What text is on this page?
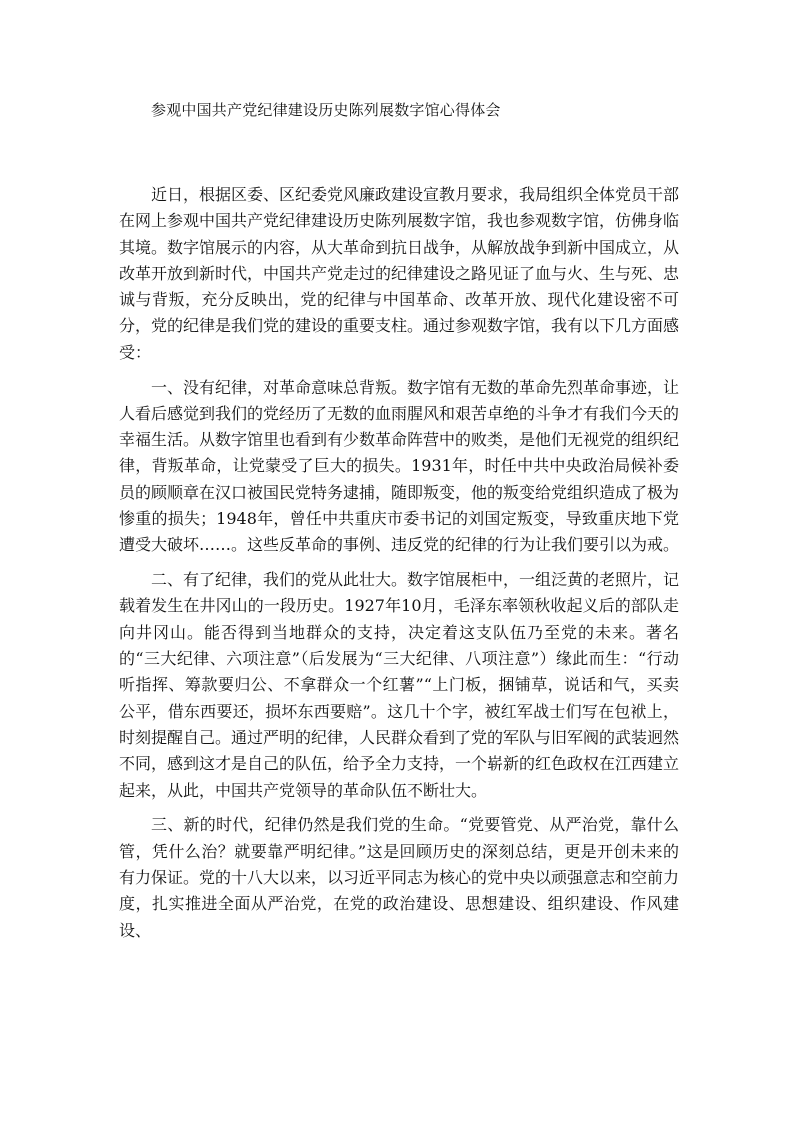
参观中国共产党纪律建设历史陈列展数字馆心得体会

近日，根据区委、区纪委党风廉政建设宣教月要求，我局组织全体党员干部在网上参观中国共产党纪律建设历史陈列展数字馆，我也参观数字馆，仿佛身临其境。数字馆展示的内容，从大革命到抗日战争，从解放战争到新中国成立，从改革开放到新时代，中国共产党走过的纪律建设之路见证了血与火、生与死、忠诚与背叛，充分反映出，党的纪律与中国革命、改革开放、现代化建设密不可分，党的纪律是我们党的建设的重要支柱。通过参观数字馆，我有以下几方面感受：

一、没有纪律，对革命意味总背叛。数字馆有无数的革命先烈革命事迹，让人看后感觉到我们的党经历了无数的血雨腥风和艰苦卓绝的斗争才有我们今天的幸福生活。从数字馆里也看到有少数革命阵营中的败类，是他们无视党的组织纪律，背叛革命，让党蒙受了巨大的损失。1931年，时任中共中央政治局候补委员的顾顺章在汉口被国民党特务逮捕，随即叛变，他的叛变给党组织造成了极为惨重的损失；1948年，曾任中共重庆市委书记的刘国定叛变，导致重庆地下党遭受大破坏……。这些反革命的事例、违反党的纪律的行为让我们要引以为戒。

二、有了纪律，我们的党从此壮大。数字馆展柜中，一组泛黄的老照片，记载着发生在井冈山的一段历史。1927年10月，毛泽东率领秋收起义后的部队走向井冈山。能否得到当地群众的支持，决定着这支队伍乃至党的未来。著名的“三大纪律、六项注意”（后发展为“三大纪律、八项注意”）缘此而生：“行动听指挥、筹款要归公、不拿群众一个红薯”“上门板，捆铺草，说话和气，买卖公平，借东西要还，损坏东西要赔”。这几十个字，被红军战士们写在包袱上，时刻提醒自己。通过严明的纪律，人民群众看到了党的军队与旧军阀的武装迥然不同，感到这才是自己的队伍，给予全力支持，一个崭新的红色政权在江西建立起来，从此，中国共产党领导的革命队伍不断壮大。

三、新的时代，纪律仍然是我们党的生命。“党要管党、从严治党，靠什么管，凭什么治？就要靠严明纪律。”这是回顾历史的深刻总结，更是开创未来的有力保证。党的十八大以来，以习近平同志为核心的党中央以顽强意志和空前力度，扎实推进全面从严治党，在党的政治建设、思想建设、组织建设、作风建设、
